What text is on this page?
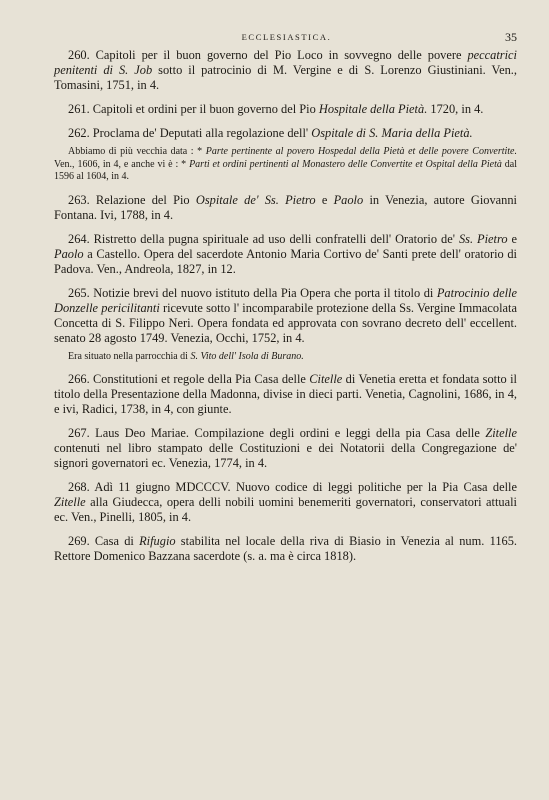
ECCLESIASTICA.	35

260. Capitoli per il buon governo del Pio Loco in sovvegno delle povere peccatrici penitenti di S. Job sotto il patrocinio di M. Vergine e di S. Lorenzo Giustiniani. Ven., Tomasini, 1751, in 4.

261. Capitoli et ordini per il buon governo del Pio Hospitale della Pietà. 1720, in 4.

262. Proclama de' Deputati alla regolazione dell' Ospitale di S. Maria della Pietà.

Abbiamo di più vecchia data : * Parte pertinente al povero Hospedal della Pietà et delle povere Convertite. Ven., 1606, in 4, e anche vi è : * Parti et ordini pertinenti al Monastero delle Convertite et Ospital della Pietà dal 1596 al 1604, in 4.

263. Relazione del Pio Ospitale de' Ss. Pietro e Paolo in Venezia, autore Giovanni Fontana. Ivi, 1788, in 4.

264. Ristretto della pugna spirituale ad uso delli confratelli dell' Oratorio de' Ss. Pietro e Paolo a Castello. Opera del sacerdote Antonio Maria Cortivo de' Santi prete dell' oratorio di Padova. Ven., Andreola, 1827, in 12.

265. Notizie brevi del nuovo istituto della Pia Opera che porta il titolo di Patrocinio delle Donzelle pericilitanti ricevute sotto l' incomparabile protezione della Ss. Vergine Immacolata Concetta di S. Filippo Neri. Opera fondata ed approvata con sovrano decreto dell' eccellent. senato 28 agosto 1749. Venezia, Occhi, 1752, in 4.

Era situato nella parrocchia di S. Vito dell' Isola di Burano.

266. Constitutioni et regole della Pia Casa delle Citelle di Venetia eretta et fondata sotto il titolo della Presentazione della Madonna, divise in dieci parti. Venetia, Cagnolini, 1686, in 4, e ivi, Radici, 1738, in 4, con giunte.

267. Laus Deo Mariae. Compilazione degli ordini e leggi della pia Casa delle Zitelle contenuti nel libro stampato delle Costituzioni e dei Notatorii della Congregazione de' signori governatori ec. Venezia, 1774, in 4.

268. Adì 11 giugno MDCCCV. Nuovo codice di leggi politiche per la Pia Casa delle Zitelle alla Giudecca, opera delli nobili uomini benemeriti governatori, conservatori attuali ec. Ven., Pinelli, 1805, in 4.

269. Casa di Rifugio stabilita nel locale della riva di Biasio in Venezia al num. 1165. Rettore Domenico Bazzana sacerdote (s. a. ma è circa 1818).
